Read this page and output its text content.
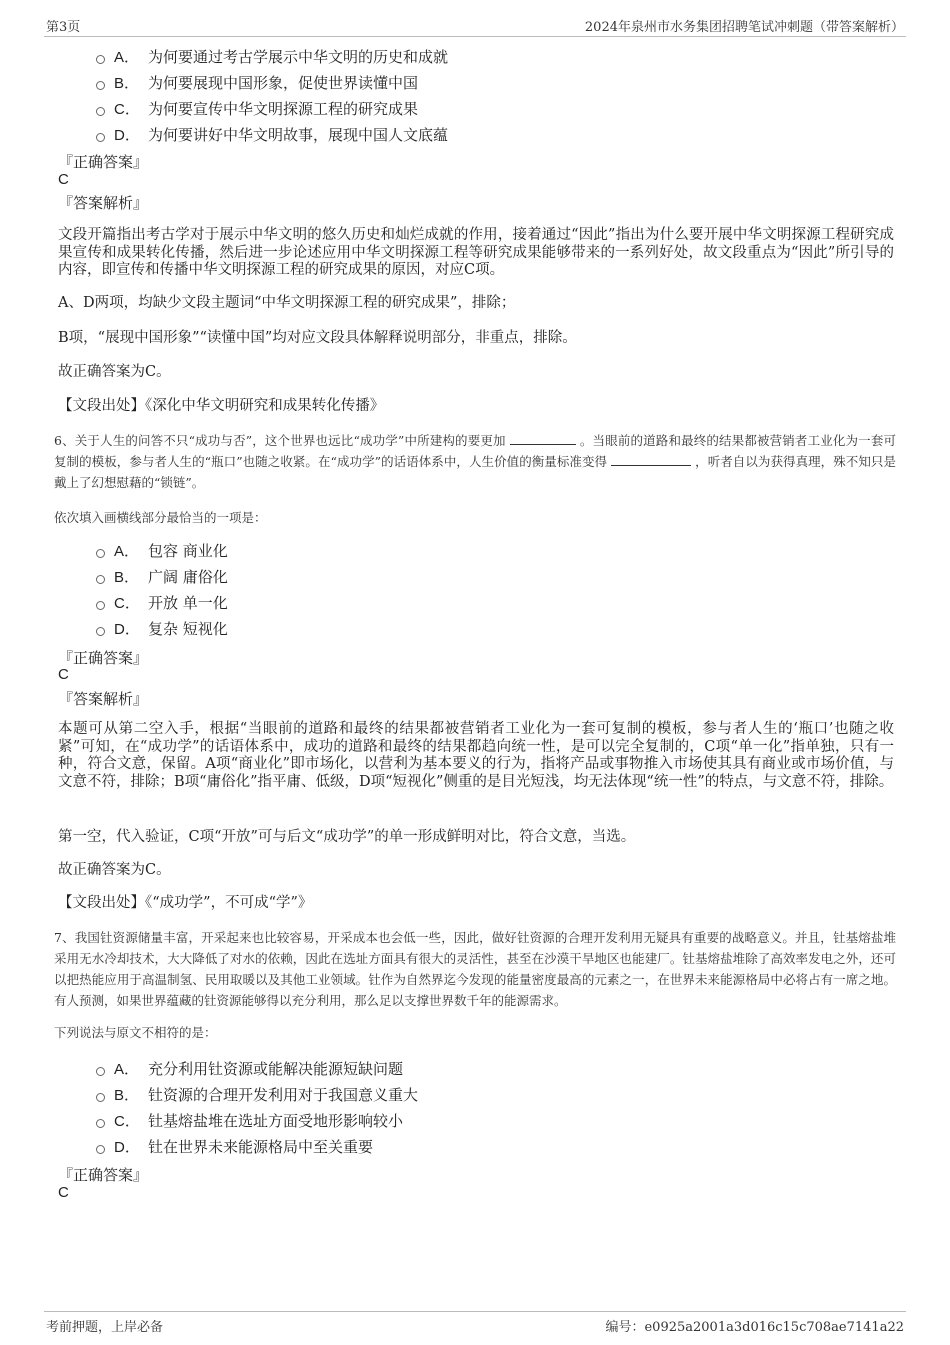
第3页	2024年泉州市水务集团招聘笔试冲刺题（带答案解析）
A． 为何要通过考古学展示中华文明的历史和成就
B． 为何要展现中国形象，促使世界读懂中国
C． 为何要宣传中华文明探源工程的研究成果
D． 为何要讲好中华文明故事，展现中国人文底蕴
『正确答案』
C
『答案解析』
文段开篇指出考古学对于展示中华文明的悠久历史和灿烂成就的作用，接着通过“因此”指出为什么要开展中华文明探源工程研究成果宣传和成果转化传播，然后进一步论述应用中华文明探源工程等研究成果能够带来的一系列好处，故文段重点为“因此”所引导的内容，即宣传和传播中华文明探源工程的研究成果的原因，对应C项。
A、D两项，均缺少文段主题词“中华文明探源工程的研究成果”，排除；
B项，“展现中国形象”“读懂中国”均对应文段具体解释说明部分，非重点，排除。
故正确答案为C。
【文段出处】《深化中华文明研究和成果转化传播》
6、关于人生的问答不只“成功与否”，这个世界也远比“成功学”中所建构的要更加	。当眼前的道路和最终的结果都被营销者工业化为一套可复制的模板，参与者人生的“瓶口”也随之收紧。在“成功学”的话语体系中，人生价值的衡量标准变得	，听者自以为获得真理，殊不知只是戴上了幻想慰藉的“锁链”。
依次填入画横线部分最恰当的一项是：
A． 包容 商业化
B． 广阔 庸俗化
C． 开放 单一化
D． 复杂 短视化
『正确答案』
C
『答案解析』
本题可从第二空入手，根据“当眼前的道路和最终的结果都被营销者工业化为一套可复制的模板，参与者人生的‘瓶口’也随之收紧”可知，在“成功学”的话语体系中，成功的道路和最终的结果都趋向统一性，是可以完全复制的，C项“单一化”指单独，只有一种，符合文意，保留。A项“商业化”即市场化，以营利为基本要义的行为，指将产品或事物推入市场使其具有商业或市场价值，与文意不符，排除；B项“庸俗化”指平庸、低级，D项“短视化”侧重的是目光短浅，均无法体现“统一性”的特点，与文意不符，排除。
第一空，代入验证，C项“开放”可与后文“成功学”的单一形成鲜明对比，符合文意，当选。
故正确答案为C。
【文段出处】《“成功学”，不可成“学”》
7、我国钍资源储量丰富，开采起来也比较容易，开采成本也会低一些，因此，做好钍资源的合理开发利用无疑具有重要的战略意义。并且，钍基熔盐堆采用无水冷却技术，大大降低了对水的依赖，因此在选址方面具有很大的灵活性，甚至在沙漠干旱地区也能建厂。钍基熔盐堆除了高效率发电之外，还可以把热能应用于高温制氢、民用取暖以及其他工业领域。钍作为自然界迄今发现的能量密度最高的元素之一，在世界未来能源格局中必将占有一席之地。有人预测，如果世界蕴藏的钍资源能够得以充分利用，那么足以支撑世界数千年的能源需求。
下列说法与原文不相符的是：
A． 充分利用钍资源或能解决能源短缺问题
B． 钍资源的合理开发利用对于我国意义重大
C． 钍基熔盐堆在选址方面受地形影响较小
D． 钍在世界未来能源格局中至关重要
『正确答案』
C
考前押题，上岸必备	编号：e0925a2001a3d016c15c708ae7141a22
